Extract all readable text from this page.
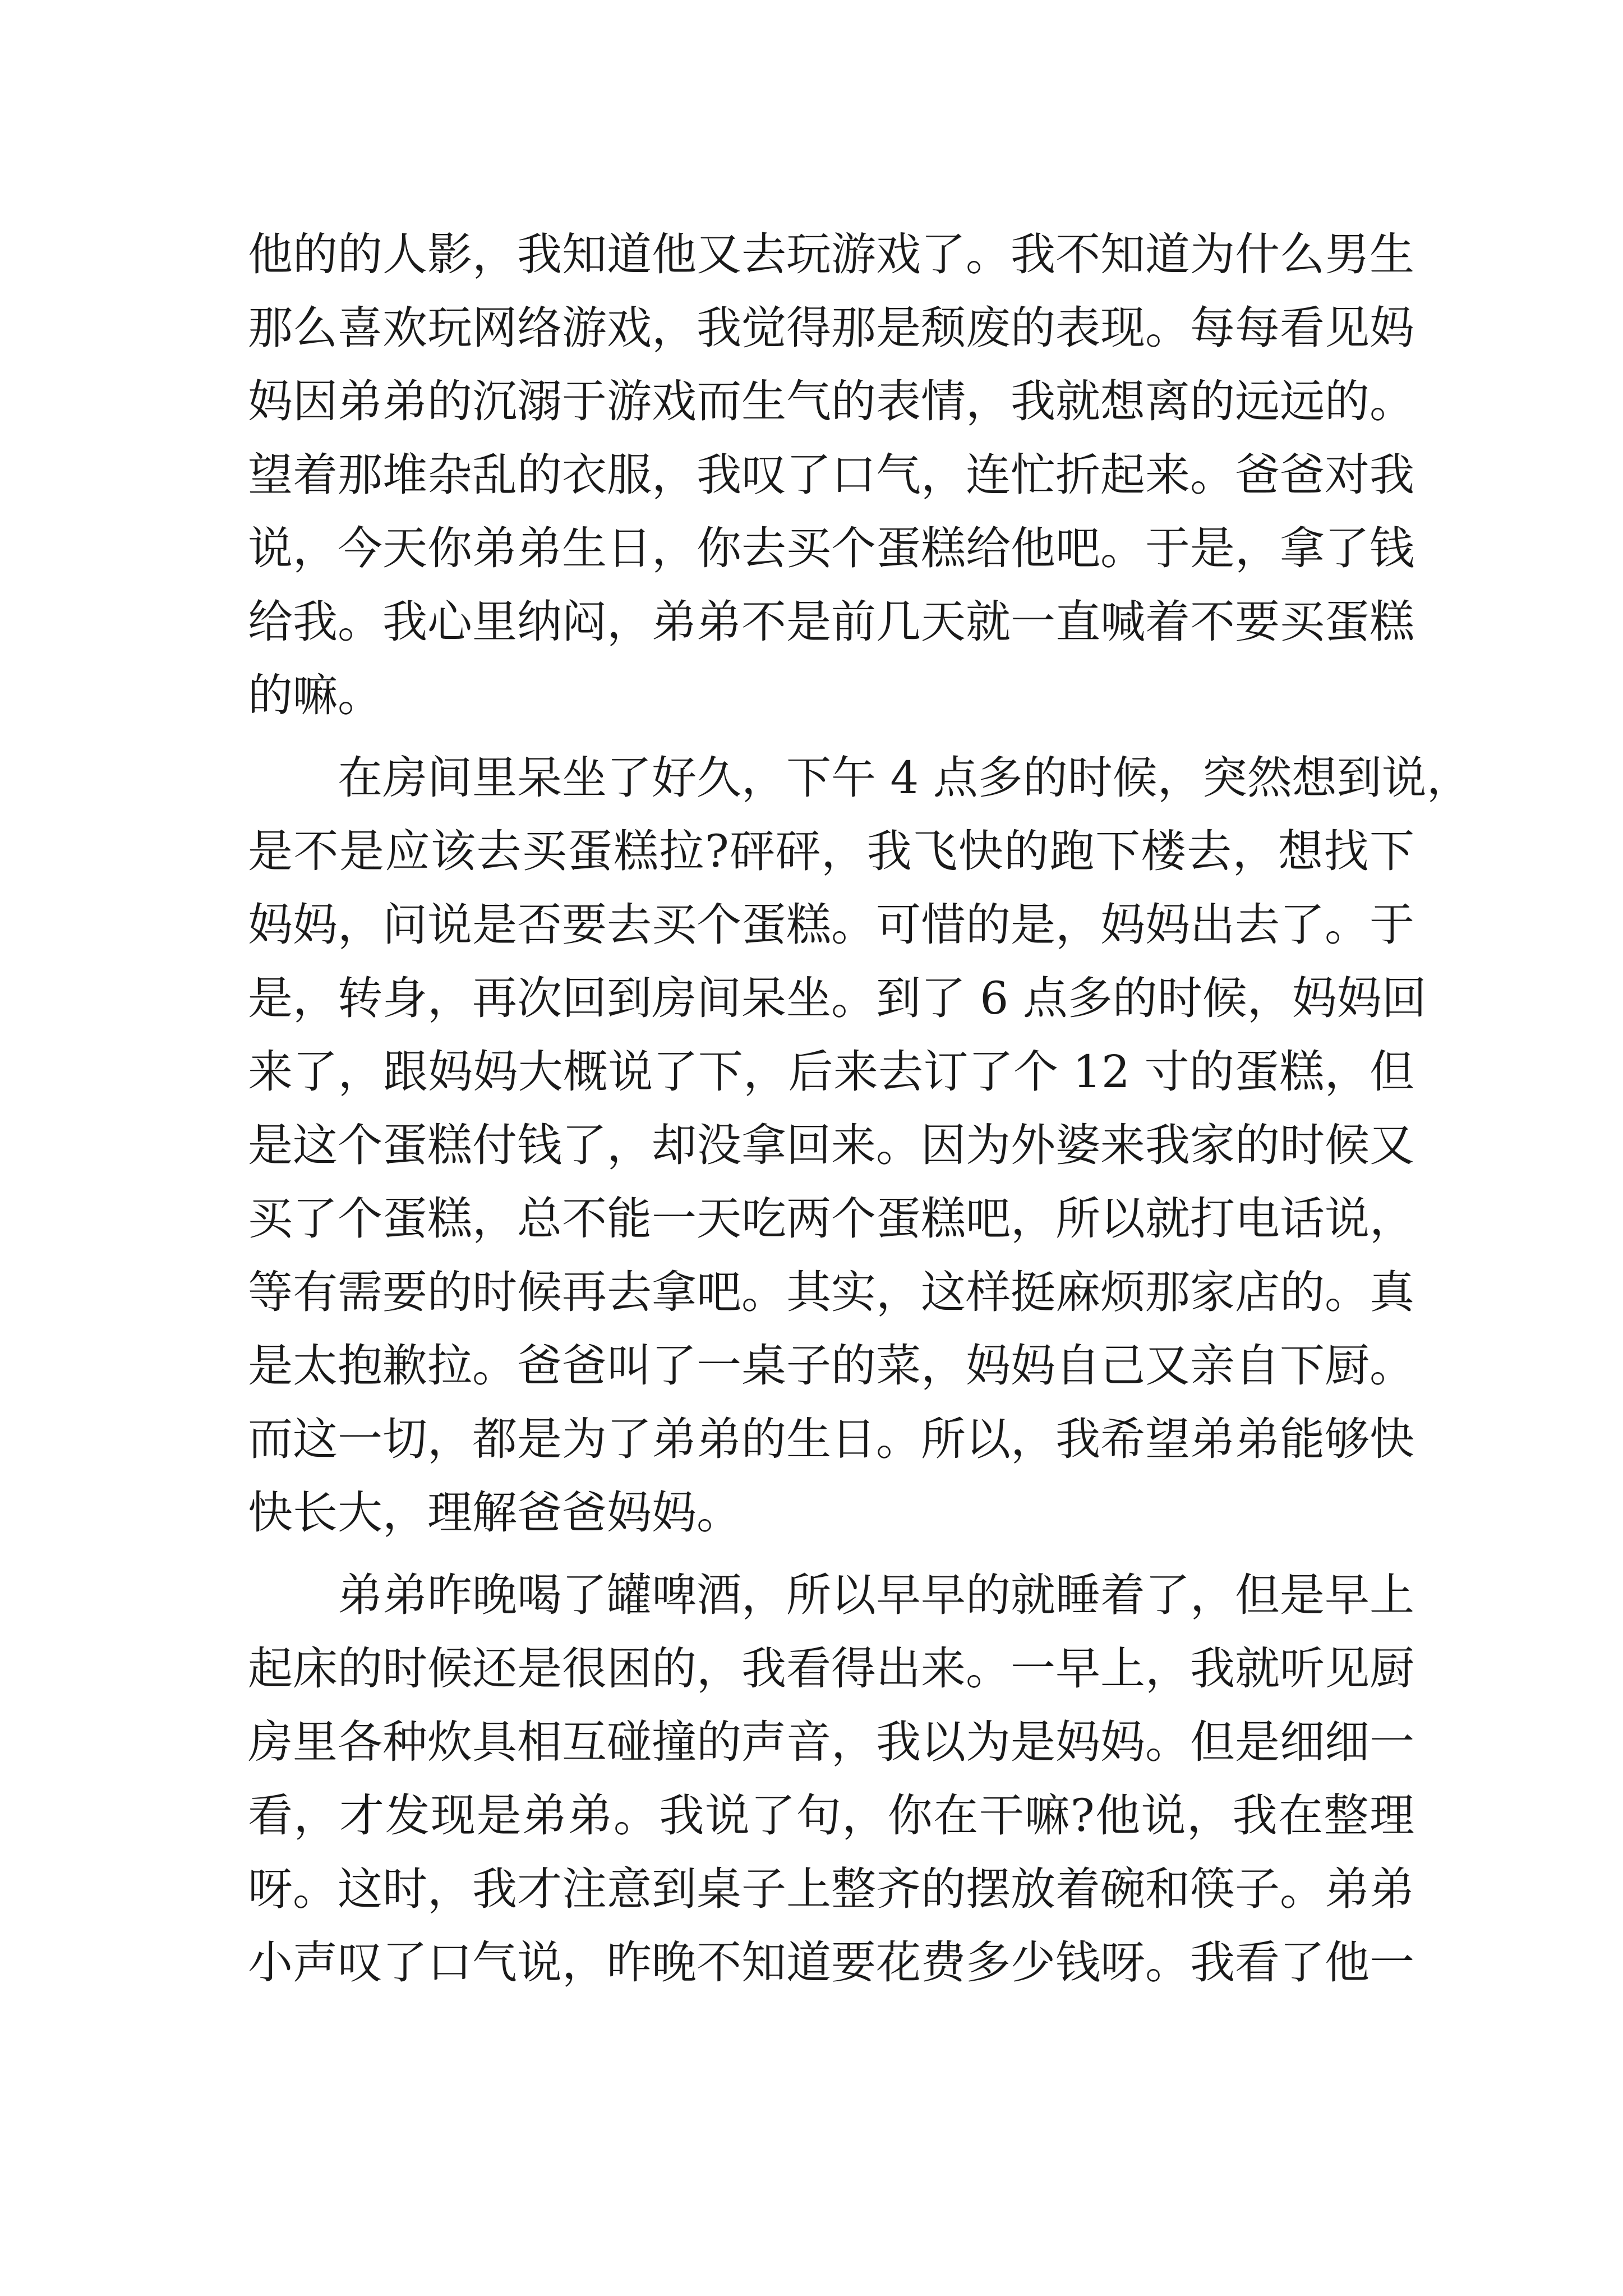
他的的人影，我知道他又去玩游戏了。我不知道为什么男生
那么喜欢玩网络游戏，我觉得那是颓废的表现。每每看见妈
妈因弟弟的沉溺于游戏而生气的表情，我就想离的远远的。
望着那堆杂乱的衣服，我叹了口气，连忙折起来。爸爸对我
说，今天你弟弟生日，你去买个蛋糕给他吧。于是，拿了钱
给我。我心里纳闷，弟弟不是前几天就一直喊着不要买蛋糕
的嘛。
在房间里呆坐了好久，下午 4 点多的时候，突然想到说，
是不是应该去买蛋糕拉?砰砰，我飞快的跑下楼去，想找下
妈妈，问说是否要去买个蛋糕。可惜的是，妈妈出去了。于
是，转身，再次回到房间呆坐。到了 6 点多的时候，妈妈回
来了，跟妈妈大概说了下，后来去订了个 12 寸的蛋糕，但
是这个蛋糕付钱了，却没拿回来。因为外婆来我家的时候又
买了个蛋糕，总不能一天吃两个蛋糕吧，所以就打电话说，
等有需要的时候再去拿吧。其实，这样挺麻烦那家店的。真
是太抱歉拉。爸爸叫了一桌子的菜，妈妈自己又亲自下厨。
而这一切，都是为了弟弟的生日。所以，我希望弟弟能够快
快长大，理解爸爸妈妈。
弟弟昨晚喝了罐啤酒，所以早早的就睡着了，但是早上
起床的时候还是很困的，我看得出来。一早上，我就听见厨
房里各种炊具相互碰撞的声音，我以为是妈妈。但是细细一
看，才发现是弟弟。我说了句，你在干嘛?他说，我在整理
呀。这时，我才注意到桌子上整齐的摆放着碗和筷子。弟弟
小声叹了口气说，昨晚不知道要花费多少钱呀。我看了他一
